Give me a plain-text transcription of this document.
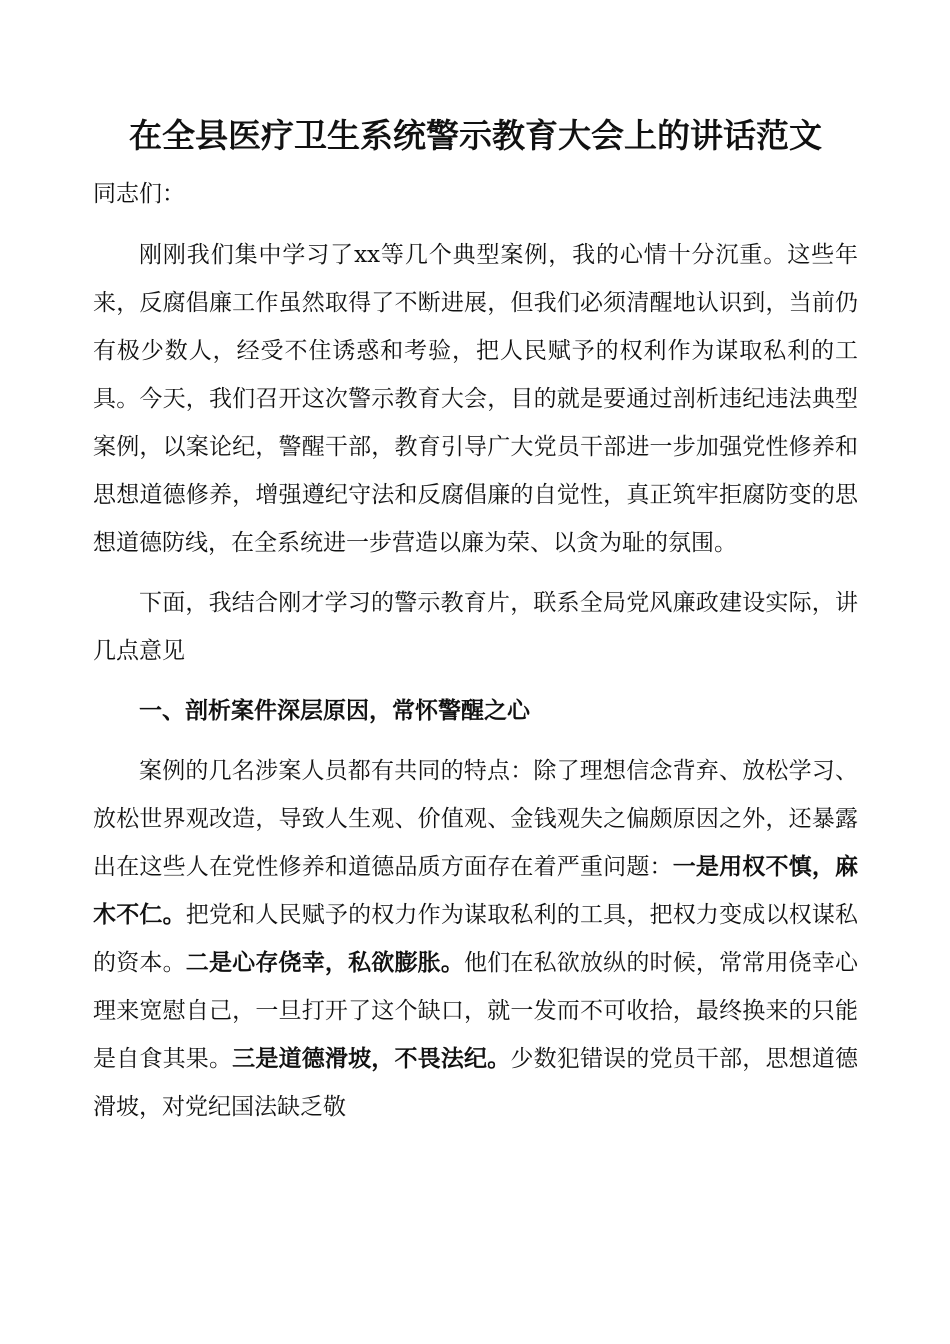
在全县医疗卫生系统警示教育大会上的讲话范文

同志们：

刚刚我们集中学习了xx等几个典型案例，我的心情十分沉重。这些年来，反腐倡廉工作虽然取得了不断进展，但我们必须清醒地认识到，当前仍有极少数人，经受不住诱惑和考验，把人民赋予的权利作为谋取私利的工具。今天，我们召开这次警示教育大会，目的就是要通过剖析违纪违法典型案例，以案论纪，警醒干部，教育引导广大党员干部进一步加强党性修养和思想道德修养，增强遵纪守法和反腐倡廉的自觉性，真正筑牢拒腐防变的思想道德防线，在全系统进一步营造以廉为荣、以贪为耻的氛围。

下面，我结合刚才学习的警示教育片，联系全局党风廉政建设实际，讲几点意见

一、剖析案件深层原因，常怀警醒之心

案例的几名涉案人员都有共同的特点：除了理想信念背弃、放松学习、放松世界观改造，导致人生观、价值观、金钱观失之偏颇原因之外，还暴露出在这些人在党性修养和道德品质方面存在着严重问题：一是用权不慎，麻木不仁。把党和人民赋予的权力作为谋取私利的工具，把权力变成以权谋私的资本。二是心存侥幸，私欲膨胀。他们在私欲放纵的时候，常常用侥幸心理来宽慰自己，一旦打开了这个缺口，就一发而不可收拾，最终换来的只能是自食其果。三是道德滑坡，不畏法纪。少数犯错误的党员干部，思想道德滑坡，对党纪国法缺乏敬
